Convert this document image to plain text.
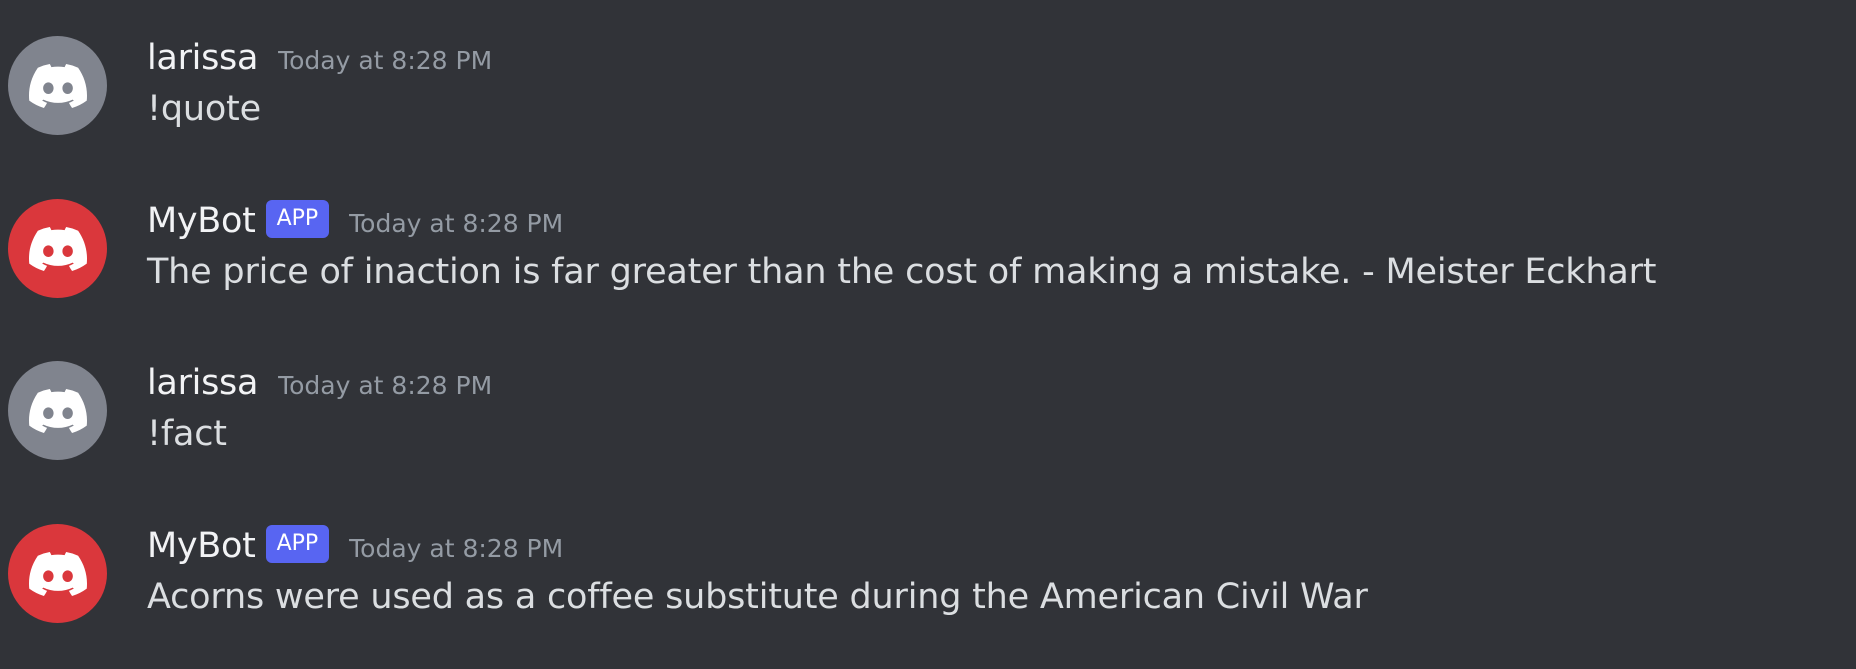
larissa Today at 8:28 PM
!quote
MyBot APP	Today at 8:28 PM
The price of inaction is far greater than the cost of making a mistake. - Meister Eckhart
larissa Today at 8:28 PM
!fact
MyBot APP	Today at 8:28 PM
Acorns were used as a coffee substitute during the American Civil War
